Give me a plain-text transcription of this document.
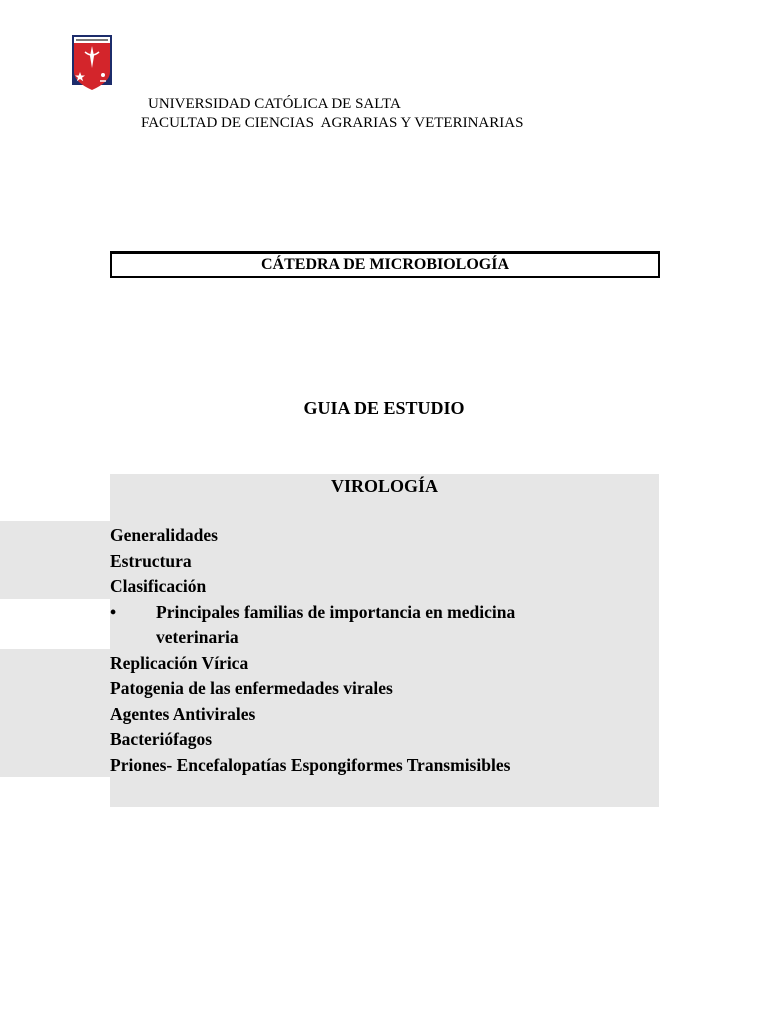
UNIVERSIDAD CATÓLICA DE SALTA
FACULTAD DE CIENCIAS  AGRARIAS Y VETERINARIAS
CÁTEDRA DE MICROBIOLOGÍA
GUIA DE ESTUDIO
VIROLOGÍA
Generalidades
Estructura
Clasificación
•	Principales familias de importancia en medicina veterinaria
Replicación Vírica
Patogenia de las enfermedades virales
Agentes Antivirales
Bacteriófagos
Priones- Encefalopatías Espongiformes Transmisibles
